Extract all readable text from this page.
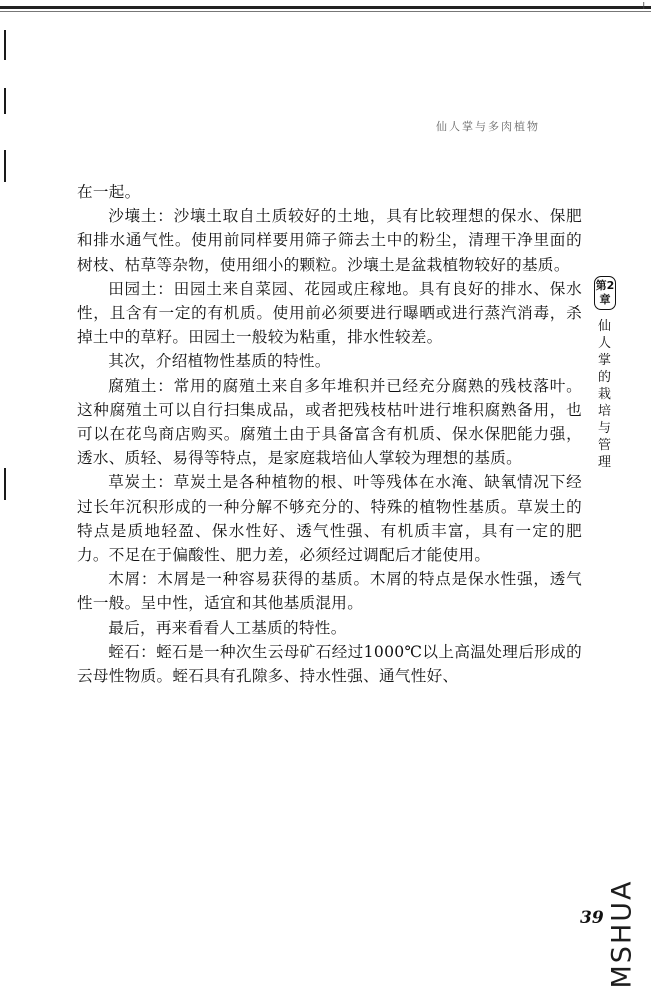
l
仙人掌与多肉植物

在一起。

沙壤土：沙壤土取自土质较好的土地，具有比较理想的保水、保肥和排水通气性。使用前同样要用筛子筛去土中的粉尘，清理干净里面的树枝、枯草等杂物，使用细小的颗粒。沙壤土是盆栽植物较好的基质。

田园土：田园土来自菜园、花园或庄稼地。具有良好的排水、保水性，且含有一定的有机质。使用前必须要进行曝晒或进行蒸汽消毒，杀掉土中的草籽。田园土一般较为粘重，排水性较差。

其次，介绍植物性基质的特性。

腐殖土：常用的腐殖土来自多年堆积并已经充分腐熟的残枝落叶。这种腐殖土可以自行扫集成品，或者把残枝枯叶进行堆积腐熟备用，也可以在花鸟商店购买。腐殖土由于具备富含有机质、保水保肥能力强，透水、质轻、易得等特点，是家庭栽培仙人掌较为理想的基质。

草炭土：草炭土是各种植物的根、叶等残体在水淹、缺氧情况下经过长年沉积形成的一种分解不够充分的、特殊的植物性基质。草炭土的特点是质地轻盈、保水性好、透气性强、有机质丰富，具有一定的肥力。不足在于偏酸性、肥力差，必须经过调配后才能使用。

木屑：木屑是一种容易获得的基质。木屑的特点是保水性强，透气性一般。呈中性，适宜和其他基质混用。

最后，再来看看人工基质的特性。

蛭石：蛭石是一种次生云母矿石经过1000℃以上高温处理后形成的云母性物质。蛭石具有孔隙多、持水性强、通气性好、

第2章
仙人掌的栽培与管理
39 MSHUA
